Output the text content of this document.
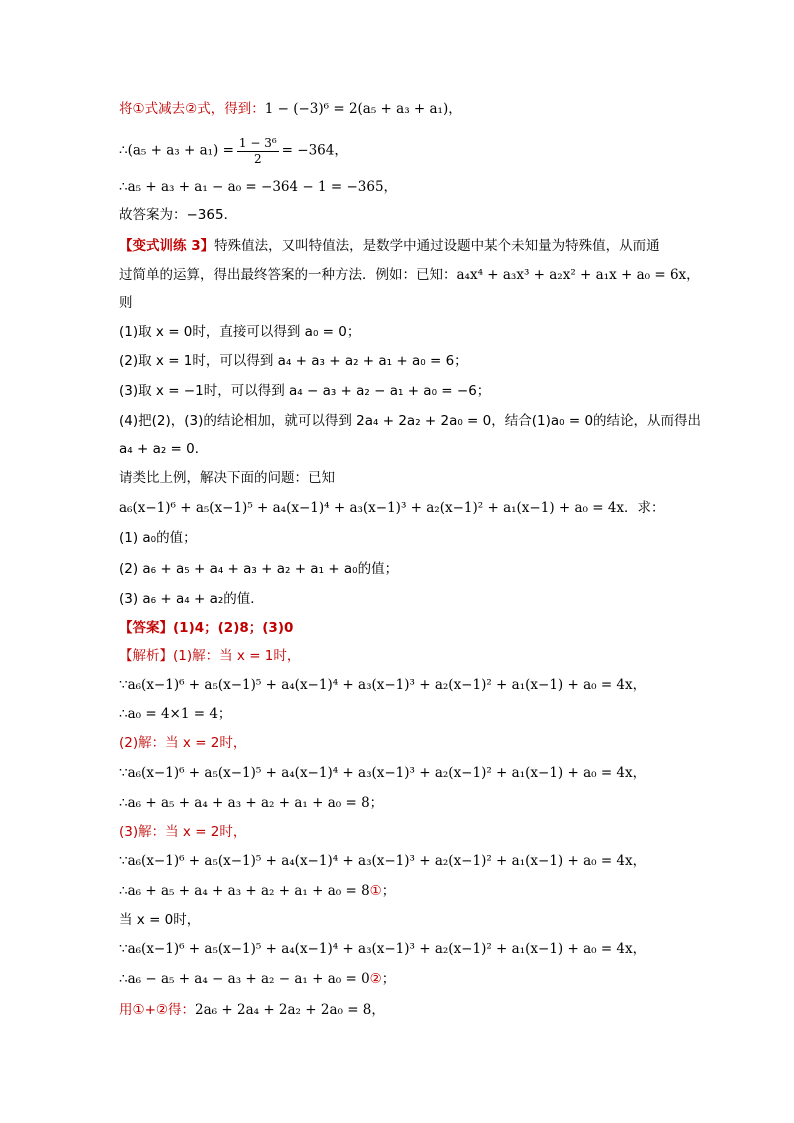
将①式减去②式，得到：1 − (−3)⁶ = 2(a₅ + a₃ + a₁)，

∴(a₅ + $a_3 + a_1) = \frac{\text{1 − 3⁶}}{2} = -364$，

∴a₅ + a₃ + a₁ − a₀ = −364 − 1 = −365，

故答案为：−365．

【变式训练 3】特殊值法，又叫特值法，是数学中通过设题中某个未知量为特殊值，从而通

过简单的运算，得出最终答案的一种方法．例如：已知：a₄x⁴ + a₃x³ + a₂x² + a₁x + a₀ = 6x，

则

(1)取 x = 0时，直接可以得到 a₀ = 0；

(2)取 x = 1时，可以得到 a₄ + a₃ + a₂ + a₁ + a₀ = 6；

(3)取 x = −1时，可以得到 a₄ − a₃ + a₂ − a₁ + a₀ = −6；

(4)把(2)，(3)的结论相加，就可以得到 2a₄ + 2a₂ + 2a₀ = 0，结合(1)a₀ = 0的结论，从而得出

a₄ + a₂ = 0．

请类比上例，解决下面的问题：已知

a₆(x−1)⁶ + a₅(x−1)⁵ + a₄(x−1)⁴ + a₃(x−1)³ + a₂(x−1)² + a₁(x−1) + a₀ = 4x．求：

(1) a₀的值；

(2) a₆ + a₅ + a₄ + a₃ + a₂ + a₁ + a₀的值；

(3) a₆ + a₄ + a₂的值．

【答案】(1)4；(2)8；(3)0

【解析】(1)解：当 x = 1时，

∵a₆(x−1)⁶ + a₅(x−1)⁵ + a₄(x−1)⁴ + a₃(x−1)³ + a₂(x−1)² + a₁(x−1) + a₀ = 4x，

∴a₀ = 4×1 = 4；

(2)解：当 x = 2时，

∵a₆(x−1)⁶ + a₅(x−1)⁵ + a₄(x−1)⁴ + a₃(x−1)³ + a₂(x−1)² + a₁(x−1) + a₀ = 4x，

∴a₆ + a₅ + a₄ + a₃ + a₂ + a₁ + a₀ = 8；

(3)解：当 x = 2时，

∵a₆(x−1)⁶ + a₅(x−1)⁵ + a₄(x−1)⁴ + a₃(x−1)³ + a₂(x−1)² + a₁(x−1) + a₀ = 4x，

∴a₆ + a₅ + a₄ + a₃ + a₂ + a₁ + a₀ = 8①；

当 x = 0时，

∵a₆(x−1)⁶ + a₅(x−1)⁵ + a₄(x−1)⁴ + a₃(x−1)³ + a₂(x−1)² + a₁(x−1) + a₀ = 4x，

∴a₆ − a₅ + a₄ − a₃ + a₂ − a₁ + a₀ = 0②；

用①+②得：2a₆ + 2a₄ + 2a₂ + 2a₀ = 8，
